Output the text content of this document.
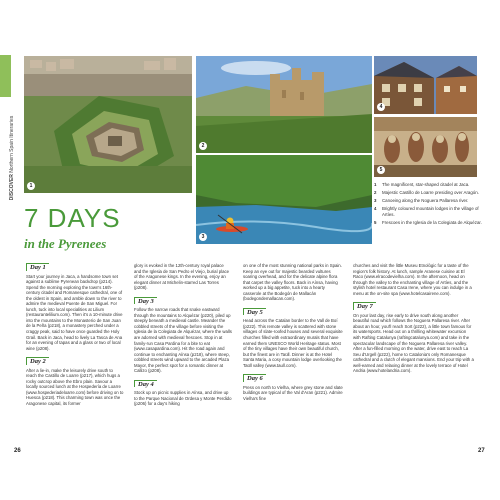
DISCOVER Northern Spain Itineraries
1
2
3
4
5
1	The magnificent, star-shaped citadel at Jaca.
2	Majestic Castillo de Loarre presiding over Aragón.
3	Canoeing along the Noguera Pallaresa river.
4	Brightly coloured mountain lodges in the village of Artíes.
5	Frescoes in the Iglesia de la Colegiata de Alquézar.
7 DAYS
in the Pyrenees
Day 1
Start your journey in Jaca, a handsome town set against a sublime Pyrenean backdrop (p214). Spend the morning exploring the town's 16th-century citadel and Romanesque cathedral, one of the oldest in Spain, and amble down to the river to admire the medieval Puente de San Miguel. For lunch, tuck into local specialities at Lilium (restaurantelilium.com). Then it's a 10-minute drive into the mountains to the Monasterio de San Juan de la Peña (p218), a monastery perched under a craggy peak, said to have once guarded the Holy Grail. Back in Jaca, head to lively La Tasca de Ana for an evening of tapas and a glass or two of local wine (p208).
Day 2
After a lie-in, make the leisurely drive south to reach the Castillo de Loarre (p217), which hugs a rocky outcrop above the Ebro plain. Savour a locally sourced lunch at the Hospedería de Loarre (www.hospederiadeloarre.com) before driving on to Huesca (p218). This charming town was once the Aragonese capital, its former
glory is evoked in the 12th-century royal palace and the Iglesia de San Pedro el Viejo, burial place of the Aragonese kings. In the evening, enjoy an elegant dinner at Michelin-starred Las Torres (p208).
Day 3
Follow the narrow roads that snake eastward through the mountains to Alquézar (p220), piled up steeply beneath a medieval castle. Meander the cobbled streets of the village before visiting the Iglesia de la Colegiata de Alquézar, where the walls are adorned with medieval frescoes. Stop in at family-run Casa Pardina for a bite to eat (www.casapardina.com). Hit the road again and continue to enchanting Aínsa (p218), where steep, cobbled streets wind upward to the arcaded Plaza Mayor, the perfect spot for a romantic dinner at Callizo (p208).
Day 4
Stock up on picnic supplies in Aínsa, and drive up to the Parque Nacional de Ordesa y Monte Perdido (p206) for a day's hiking
on one of the most stunning national parks in Spain. Keep an eye out for majestic bearded vultures soaring overhead, and for the delicate alpine flora that carpet the valley floors. Back in Aínsa, having worked up a big appetite, tuck into a hearty casserole at the Bodegón de Mallacán (bodegondemallacan.com).
Day 5
Head across the Catalan border to the Vall de Boí (p222). This remote valley is scattered with stone villages of slate-roofed houses and several exquisite churches filled with extraordinary murals that have earned them UNESCO World Heritage status. Most of the tiny villages have their own beautiful church, but the finest are in Taüll. Dinner is at the Hotel Santa Maria, a cosy mountain lodge overlooking the Taüll valley (www.taull.com).
Day 6
Press on north to Vielha, where grey stone and slate buildings are typical of the Val d'Aran (p221). Admire Vielha's fine
churches and visit the little Museu Etnològic for a taste of the region's folk history. At lunch, sample Aranese cuisine at El Raco (www.elracodevielha.com). In the afternoon, head on through the valley to the enchanting village of Artíes, and the stylish hotel restaurant Casa Irene, where you can indulge in a menu at the on-site spa (www.hotelcasairene.com).
Day 7
On your last day, rise early to drive south along another beautiful road which follows the Noguera Pallaresa river. After about an hour, you'll reach Sort (p222), a little town famous for its watersports. Head out on a thrilling whitewater excursion with Rafting Catalunya (raftingcatalunya.com) and take in the spectacular landscape of the Noguera Pallaresa river valley. After a fun-filled morning on the water, drive east to reach La Seu d'Urgell (p222), home to Catalonia's only Romanesque cathedral and a clutch of elegant mansions. End your trip with a well-earned and relaxing dinner at the lovely terrace of Hotel Andria (www.hotelandria.com).
26	27
